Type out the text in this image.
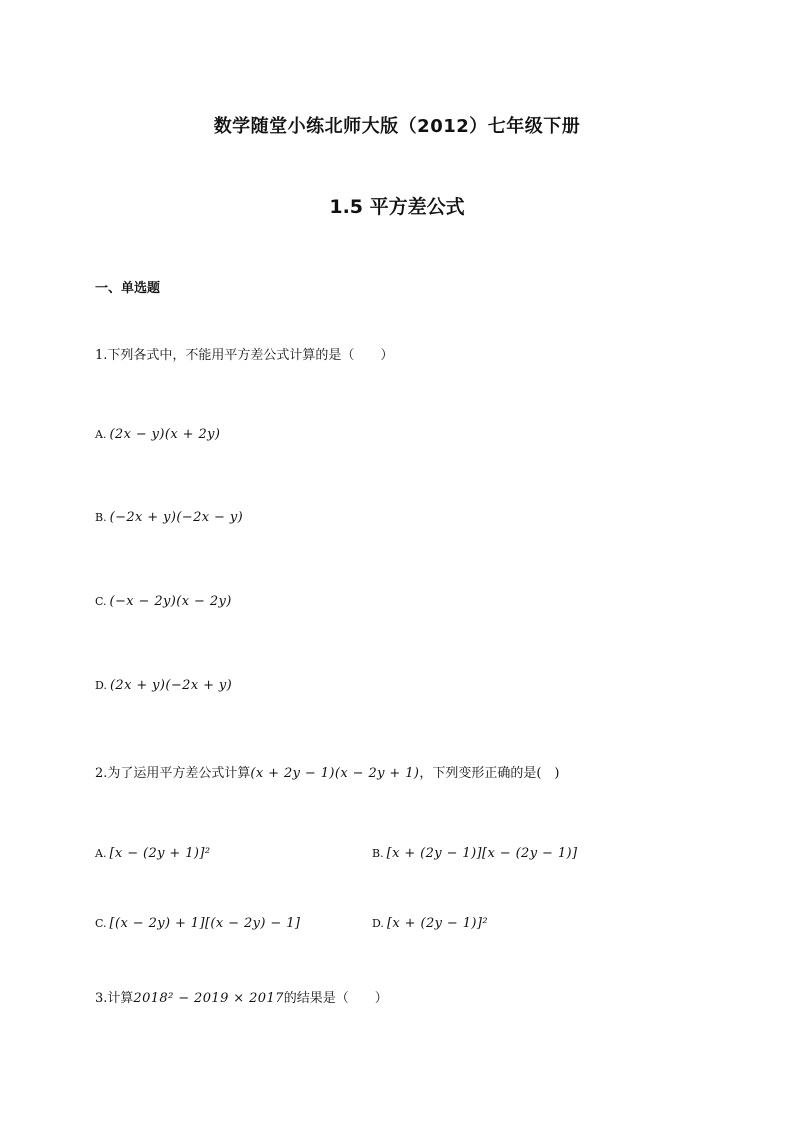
数学随堂小练北师大版（2012）七年级下册
1.5 平方差公式
一、单选题
1.下列各式中，不能用平方差公式计算的是（　　）
A. (2x − y)(x + 2y)
B. (−2x + y)(−2x − y)
C. (−x − 2y)(x − 2y)
D. (2x + y)(−2x + y)
2.为了运用平方差公式计算(x + 2y − 1)(x − 2y + 1)，下列变形正确的是(　)
A. [x − (2y + 1)]²	B. [x + (2y − 1)][x − (2y − 1)]
C. [(x − 2y) + 1][(x − 2y) − 1]	D. [x + (2y − 1)]²
3.计算2018² − 2019 × 2017的结果是（　　）
